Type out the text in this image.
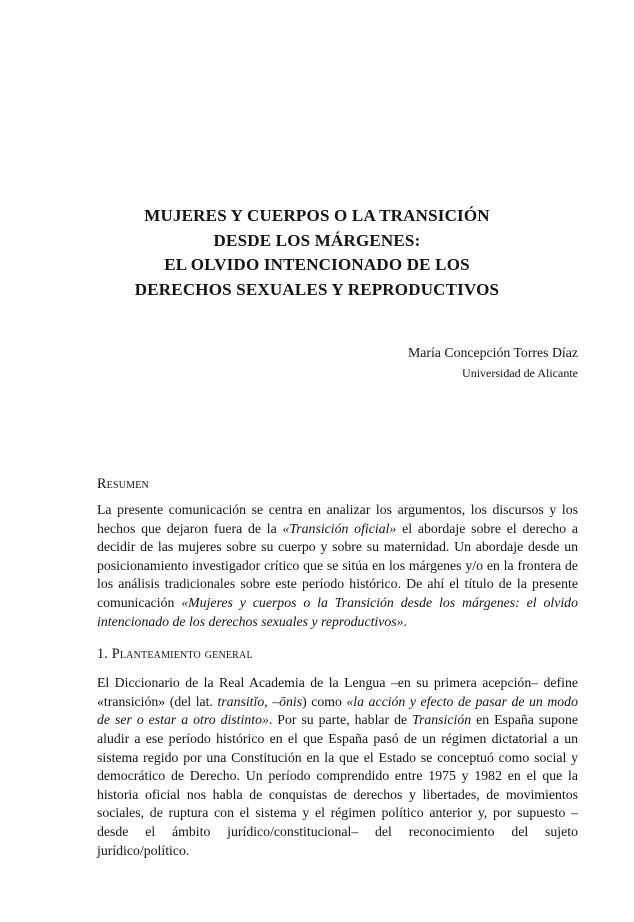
MUJERES Y CUERPOS O LA TRANSICIÓN
DESDE LOS MÁRGENES:
EL OLVIDO INTENCIONADO DE LOS
DERECHOS SEXUALES Y REPRODUCTIVOS
María Concepción Torres Díaz
Universidad de Alicante
Resumen

La presente comunicación se centra en analizar los argumentos, los discursos y los hechos que dejaron fuera de la «Transición oficial» el abordaje sobre el derecho a decidir de las mujeres sobre su cuerpo y sobre su maternidad. Un abordaje desde un posicionamiento investigador crítico que se sitúa en los márgenes y/o en la frontera de los análisis tradicionales sobre este período histórico. De ahí el título de la presente comunicación «Mujeres y cuerpos o la Transición desde los márgenes: el olvido intencionado de los derechos sexuales y reproductivos».

1. Planteamiento general

El Diccionario de la Real Academia de la Lengua –en su primera acepción– define «transición» (del lat. transitĭo, –ōnis) como «la acción y efecto de pasar de un modo de ser o estar a otro distinto». Por su parte, hablar de Transición en España supone aludir a ese período histórico en el que España pasó de un régimen dictatorial a un sistema regido por una Constitución en la que el Estado se conceptuó como social y democrático de Derecho. Un período comprendido entre 1975 y 1982 en el que la historia oficial nos habla de conquistas de derechos y libertades, de movimientos sociales, de ruptura con el sistema y el régimen político anterior y, por supuesto –desde el ámbito jurídico/constitucional– del reconocimiento del sujeto jurídico/político.
